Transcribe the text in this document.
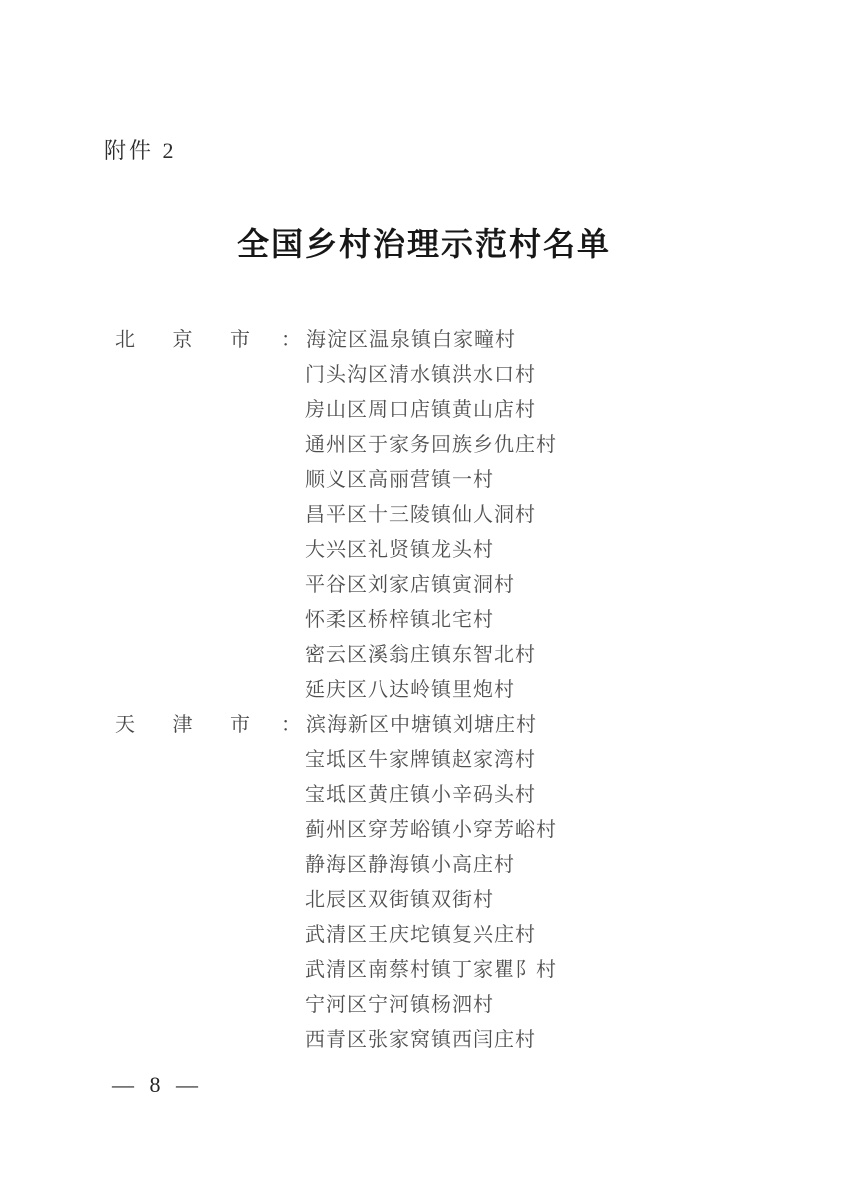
附件 2
全国乡村治理示范村名单
北 京 市 ： 海淀区温泉镇白家疃村
门头沟区清水镇洪水口村
房山区周口店镇黄山店村
通州区于家务回族乡仇庄村
顺义区高丽营镇一村
昌平区十三陵镇仙人洞村
大兴区礼贤镇龙头村
平谷区刘家店镇寅洞村
怀柔区桥梓镇北宅村
密云区溪翁庄镇东智北村
延庆区八达岭镇里炮村
天 津 市 ： 滨海新区中塘镇刘塘庄村
宝坻区牛家牌镇赵家湾村
宝坻区黄庄镇小辛码头村
蓟州区穿芳峪镇小穿芳峪村
静海区静海镇小高庄村
北辰区双街镇双街村
武清区王庆坨镇复兴庄村
武清区南蔡村镇丁家瞿阝村
宁河区宁河镇杨泗村
西青区张家窝镇西闫庄村
— 8 —
